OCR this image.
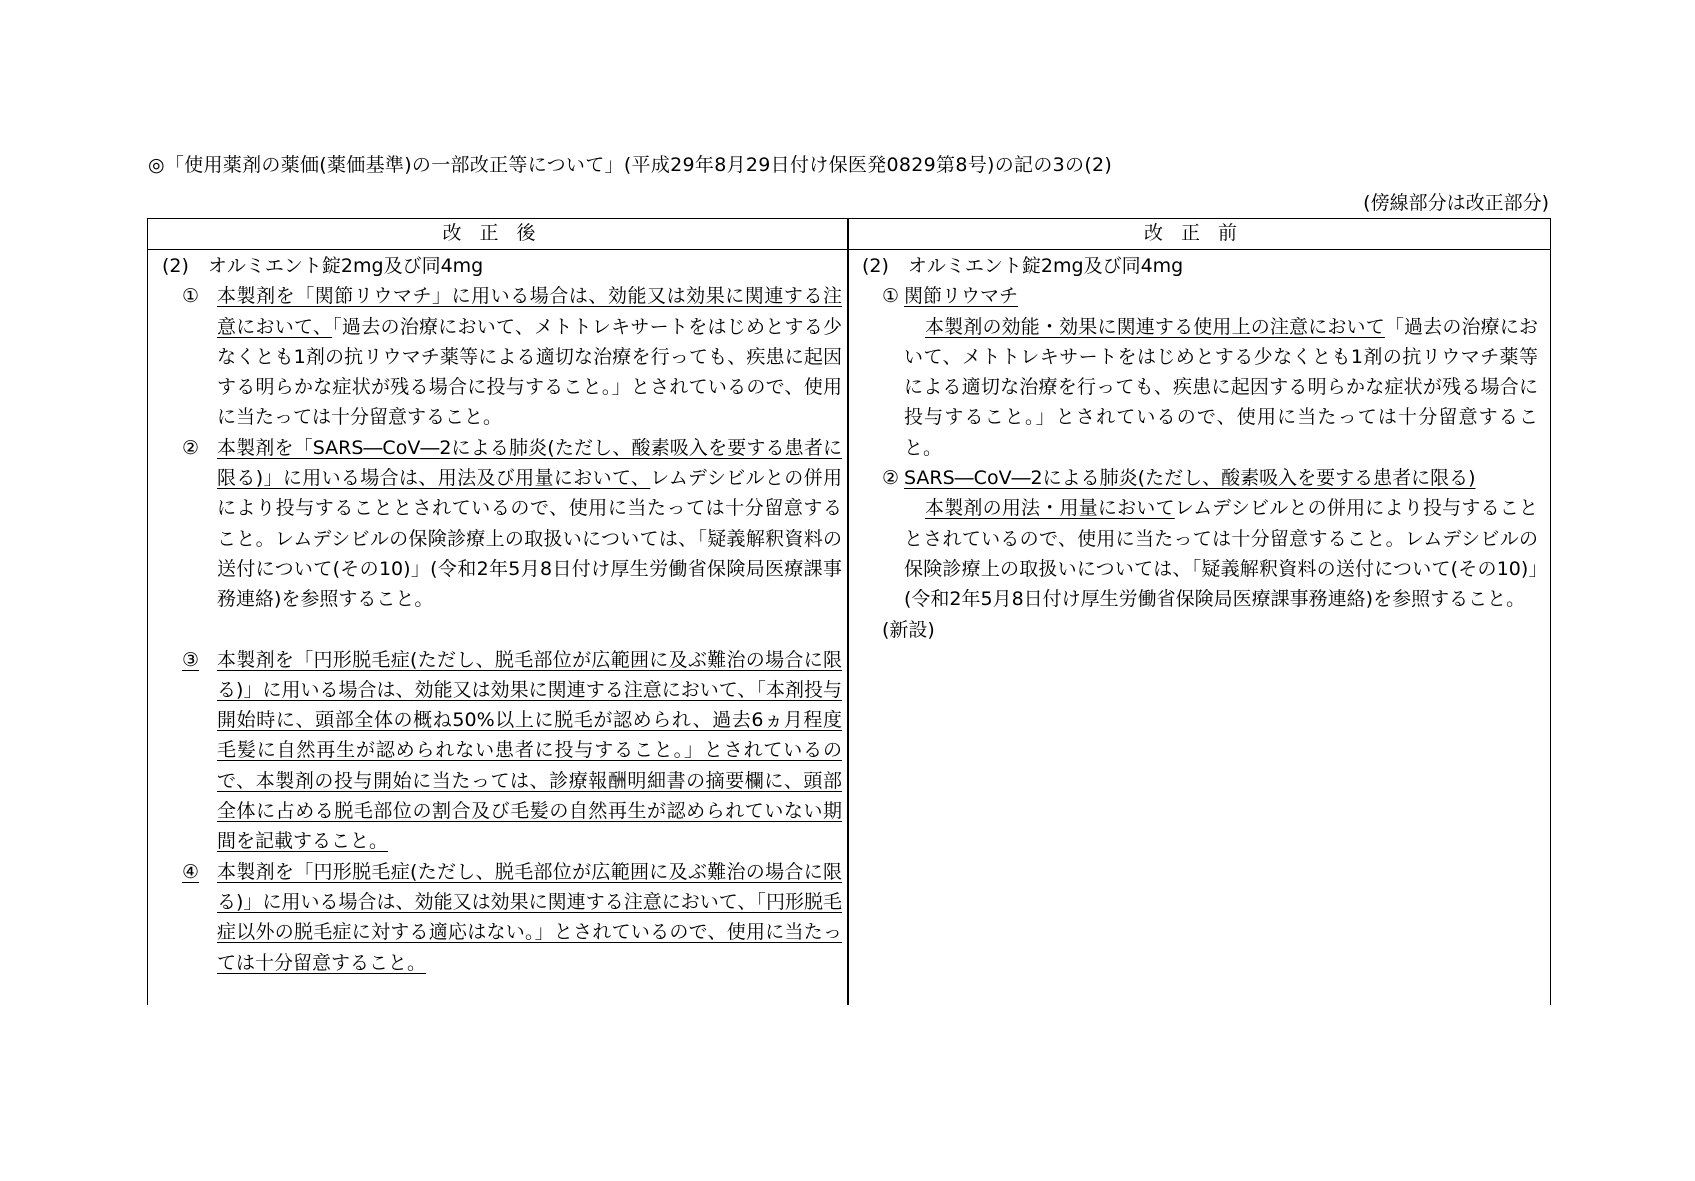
◎「使用薬剤の薬価(薬価基準)の一部改正等について」(平成29年8月29日付け保医発0829第8号)の記の3の(2)
(傍線部分は改正部分)
改正後	改正前
(2)　オルミエント錠2mg及び同4mg
① 本製剤を「関節リウマチ」に用いる場合は、効能又は効果に関連する注意において、「過去の治療において、メトトレキサートをはじめとする少なくとも1剤の抗リウマチ薬等による適切な治療を行っても、疾患に起因する明らかな症状が残る場合に投与すること。」とされているので、使用に当たっては十分留意すること。
② 本製剤を「SARS―CoV―2による肺炎(ただし、酸素吸入を要する患者に限る)」に用いる場合は、用法及び用量において、レムデシビルとの併用により投与することとされているので、使用に当たっては十分留意すること。レムデシビルの保険診療上の取扱いについては、「疑義解釈資料の送付について(その10)」(令和2年5月8日付け厚生労働省保険局医療課事務連絡)を参照すること。
③ 本製剤を「円形脱毛症(ただし、脱毛部位が広範囲に及ぶ難治の場合に限る)」に用いる場合は、効能又は効果に関連する注意において、「本剤投与開始時に、頭部全体の概ね50%以上に脱毛が認められ、過去6ヵ月程度毛髪に自然再生が認められない患者に投与すること。」とされているので、本製剤の投与開始に当たっては、診療報酬明細書の摘要欄に、頭部全体に占める脱毛部位の割合及び毛髪の自然再生が認められていない期間を記載すること。
④ 本製剤を「円形脱毛症(ただし、脱毛部位が広範囲に及ぶ難治の場合に限る)」に用いる場合は、効能又は効果に関連する注意において、「円形脱毛症以外の脱毛症に対する適応はない。」とされているので、使用に当たっては十分留意すること。
(2)　オルミエント錠2mg及び同4mg
① 関節リウマチ
本製剤の効能・効果に関連する使用上の注意において「過去の治療において、メトトレキサートをはじめとする少なくとも1剤の抗リウマチ薬等による適切な治療を行っても、疾患に起因する明らかな症状が残る場合に投与すること。」とされているので、使用に当たっては十分留意すること。
② SARS―CoV―2による肺炎(ただし、酸素吸入を要する患者に限る)
本製剤の用法・用量においてレムデシビルとの併用により投与することとされているので、使用に当たっては十分留意すること。レムデシビルの保険診療上の取扱いについては、「疑義解釈資料の送付について(その10)」(令和2年5月8日付け厚生労働省保険局医療課事務連絡)を参照すること。
(新設)
